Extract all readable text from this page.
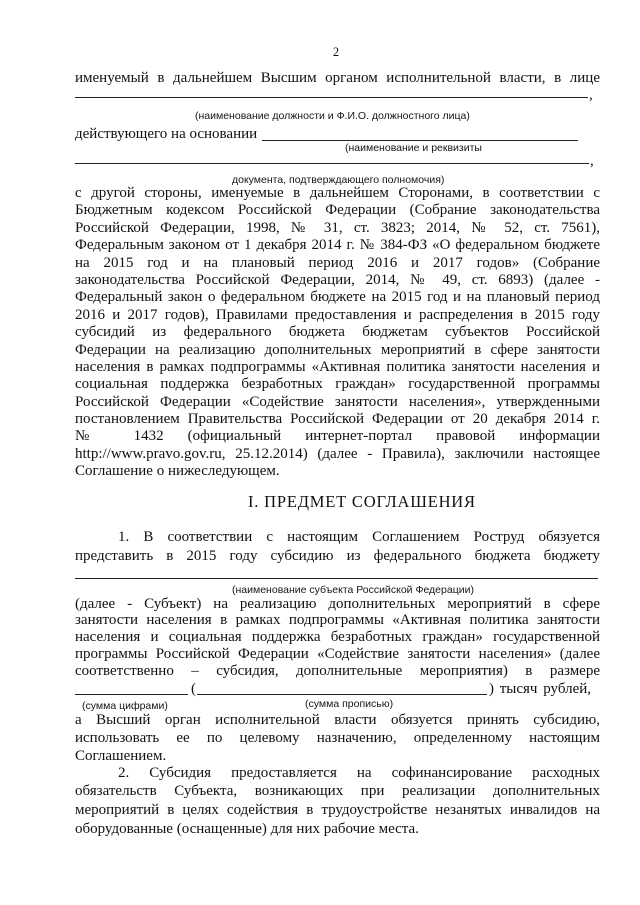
2
именуемый в дальнейшем Высшим органом исполнительной власти, в лице
,
(наименование должности и Ф.И.О. должностного лица)
действующего на основании
(наименование и реквизиты
,
документа, подтверждающего полномочия)
с другой стороны, именуемые в дальнейшем Сторонами, в соответствии с
Бюджетным кодексом Российской Федерации (Собрание законодательства
Российской Федерации, 1998, № 31, ст. 3823; 2014, № 52, ст. 7561),
Федеральным законом от 1 декабря 2014 г. № 384-ФЗ «О федеральном бюджете
на 2015 год и на плановый период 2016 и 2017 годов» (Собрание
законодательства Российской Федерации, 2014, № 49, ст. 6893) (далее -
Федеральный закон о федеральном бюджете на 2015 год и на плановый период
2016 и 2017 годов), Правилами предоставления и распределения в 2015 году
субсидий из федерального бюджета бюджетам субъектов Российской
Федерации на реализацию дополнительных мероприятий в сфере занятости
населения в рамках подпрограммы «Активная политика занятости населения и
социальная поддержка безработных граждан» государственной программы
Российской Федерации «Содействие занятости населения», утвержденными
постановлением Правительства Российской Федерации от 20 декабря 2014 г.
№ 1432 (официальный интернет-портал правовой информации
http://www.pravo.gov.ru, 25.12.2014) (далее - Правила), заключили настоящее
Соглашение о нижеследующем.
I. ПРЕДМЕТ СОГЛАШЕНИЯ
1. В соответствии с настоящим Соглашением Роструд обязуется
представить в 2015 году субсидию из федерального бюджета бюджету
(наименование субъекта Российской Федерации)
(далее - Субъект) на реализацию дополнительных мероприятий в сфере
занятости населения в рамках подпрограммы «Активная политика занятости
населения и социальная поддержка безработных граждан» государственной
программы Российской Федерации «Содействие занятости населения» (далее
соответственно – субсидия, дополнительные мероприятия) в размере
(	) тысяч рублей,
(сумма цифрами)	(сумма прописью)
а Высший орган исполнительной власти обязуется принять субсидию,
использовать ее по целевому назначению, определенному настоящим
Соглашением.
2. Субсидия предоставляется на софинансирование расходных
обязательств Субъекта, возникающих при реализации дополнительных
мероприятий в целях содействия в трудоустройстве незанятых инвалидов на
оборудованные (оснащенные) для них рабочие места.
